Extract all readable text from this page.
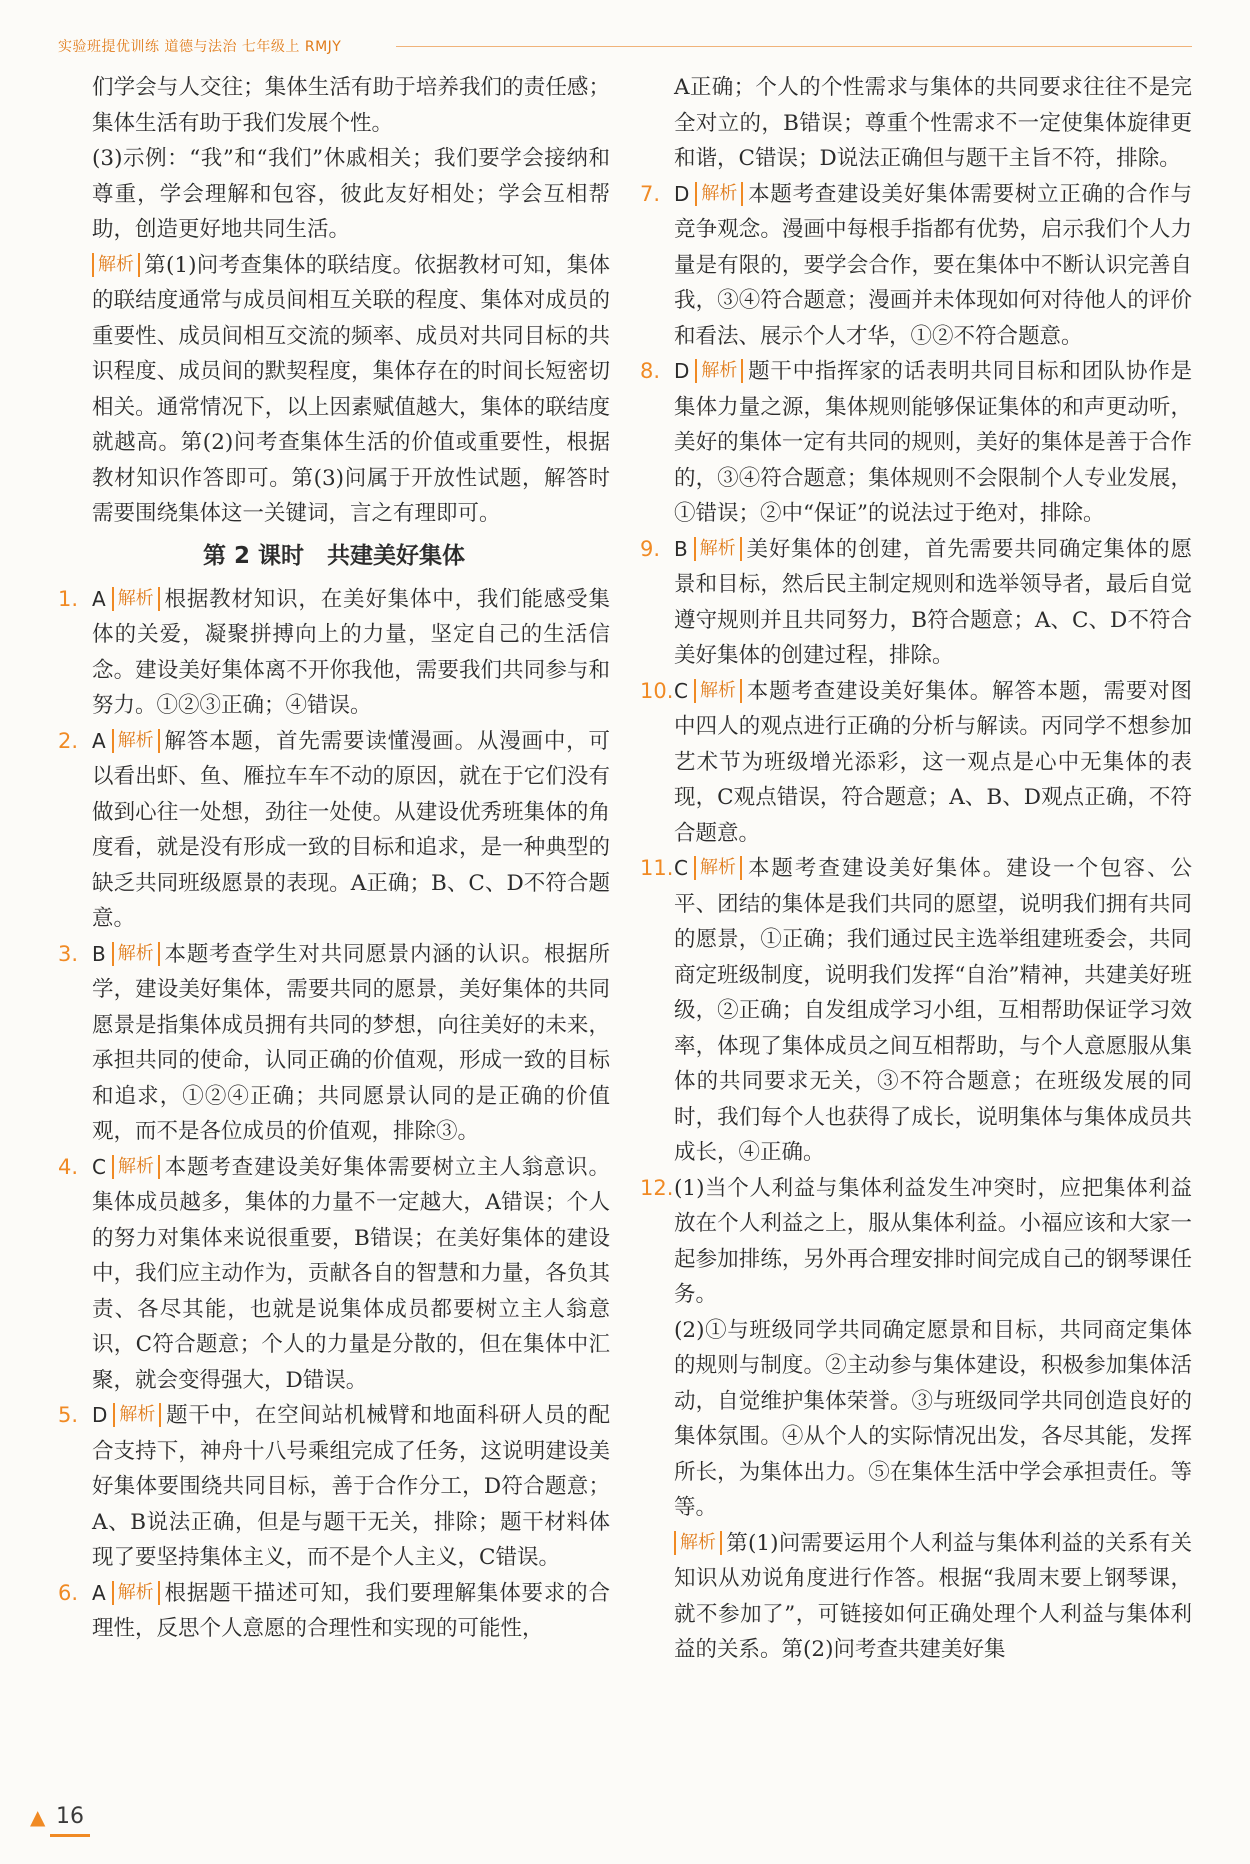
实验班提优训练 道德与法治 七年级上 RMJY

们学会与人交往；集体生活有助于培养我们的责任感；集体生活有助于我们发展个性。

(3)示例：“我”和“我们”休戚相关；我们要学会接纳和尊重，学会理解和包容，彼此友好相处；学会互相帮助，创造更好地共同生活。

解析 第(1)问考查集体的联结度。依据教材可知，集体的联结度通常与成员间相互关联的程度、集体对成员的重要性、成员间相互交流的频率、成员对共同目标的共识程度、成员间的默契程度，集体存在的时间长短密切相关。通常情况下，以上因素赋值越大，集体的联结度就越高。第(2)问考查集体生活的价值或重要性，根据教材知识作答即可。第(3)问属于开放性试题，解答时需要围绕集体这一关键词，言之有理即可。

第 2 课时　共建美好集体

1. A 解析 根据教材知识，在美好集体中，我们能感受集体的关爱，凝聚拼搏向上的力量，坚定自己的生活信念。建设美好集体离不开你我他，需要我们共同参与和努力。①②③正确；④错误。

2. A 解析 解答本题，首先需要读懂漫画。从漫画中，可以看出虾、鱼、雁拉车车不动的原因，就在于它们没有做到心往一处想，劲往一处使。从建设优秀班集体的角度看，就是没有形成一致的目标和追求，是一种典型的缺乏共同班级愿景的表现。A正确；B、C、D不符合题意。

3. B 解析 本题考查学生对共同愿景内涵的认识。根据所学，建设美好集体，需要共同的愿景，美好集体的共同愿景是指集体成员拥有共同的梦想，向往美好的未来，承担共同的使命，认同正确的价值观，形成一致的目标和追求，①②④正确；共同愿景认同的是正确的价值观，而不是各位成员的价值观，排除③。

4. C 解析 本题考查建设美好集体需要树立主人翁意识。集体成员越多，集体的力量不一定越大，A错误；个人的努力对集体来说很重要，B错误；在美好集体的建设中，我们应主动作为，贡献各自的智慧和力量，各负其责、各尽其能，也就是说集体成员都要树立主人翁意识，C符合题意；个人的力量是分散的，但在集体中汇聚，就会变得强大，D错误。

5. D 解析 题干中，在空间站机械臂和地面科研人员的配合支持下，神舟十八号乘组完成了任务，这说明建设美好集体要围绕共同目标，善于合作分工，D符合题意；A、B说法正确，但是与题干无关，排除；题干材料体现了要坚持集体主义，而不是个人主义，C错误。

6. A 解析 根据题干描述可知，我们要理解集体要求的合理性，反思个人意愿的合理性和实现的可能性，

A正确；个人的个性需求与集体的共同要求往往不是完全对立的，B错误；尊重个性需求不一定使集体旋律更和谐，C错误；D说法正确但与题干主旨不符，排除。

7. D 解析 本题考查建设美好集体需要树立正确的合作与竞争观念。漫画中每根手指都有优势，启示我们个人力量是有限的，要学会合作，要在集体中不断认识完善自我，③④符合题意；漫画并未体现如何对待他人的评价和看法、展示个人才华，①②不符合题意。

8. D 解析 题干中指挥家的话表明共同目标和团队协作是集体力量之源，集体规则能够保证集体的和声更动听，美好的集体一定有共同的规则，美好的集体是善于合作的，③④符合题意；集体规则不会限制个人专业发展，①错误；②中“保证”的说法过于绝对，排除。

9. B 解析 美好集体的创建，首先需要共同确定集体的愿景和目标，然后民主制定规则和选举领导者，最后自觉遵守规则并且共同努力，B符合题意；A、C、D不符合美好集体的创建过程，排除。

10. C 解析 本题考查建设美好集体。解答本题，需要对图中四人的观点进行正确的分析与解读。丙同学不想参加艺术节为班级增光添彩，这一观点是心中无集体的表现，C观点错误，符合题意；A、B、D观点正确，不符合题意。

11. C 解析 本题考查建设美好集体。建设一个包容、公平、团结的集体是我们共同的愿望，说明我们拥有共同的愿景，①正确；我们通过民主选举组建班委会，共同商定班级制度，说明我们发挥“自治”精神，共建美好班级，②正确；自发组成学习小组，互相帮助保证学习效率，体现了集体成员之间互相帮助，与个人意愿服从集体的共同要求无关，③不符合题意；在班级发展的同时，我们每个人也获得了成长，说明集体与集体成员共成长，④正确。

12. (1)当个人利益与集体利益发生冲突时，应把集体利益放在个人利益之上，服从集体利益。小福应该和大家一起参加排练，另外再合理安排时间完成自己的钢琴课任务。

(2)①与班级同学共同确定愿景和目标，共同商定集体的规则与制度。②主动参与集体建设，积极参加集体活动，自觉维护集体荣誉。③与班级同学共同创造良好的集体氛围。④从个人的实际情况出发，各尽其能，发挥所长，为集体出力。⑤在集体生活中学会承担责任。等等。

解析 第(1)问需要运用个人利益与集体利益的关系有关知识从劝说角度进行作答。根据“我周末要上钢琴课，就不参加了”，可链接如何正确处理个人利益与集体利益的关系。第(2)问考查共建美好集

▲ 16
